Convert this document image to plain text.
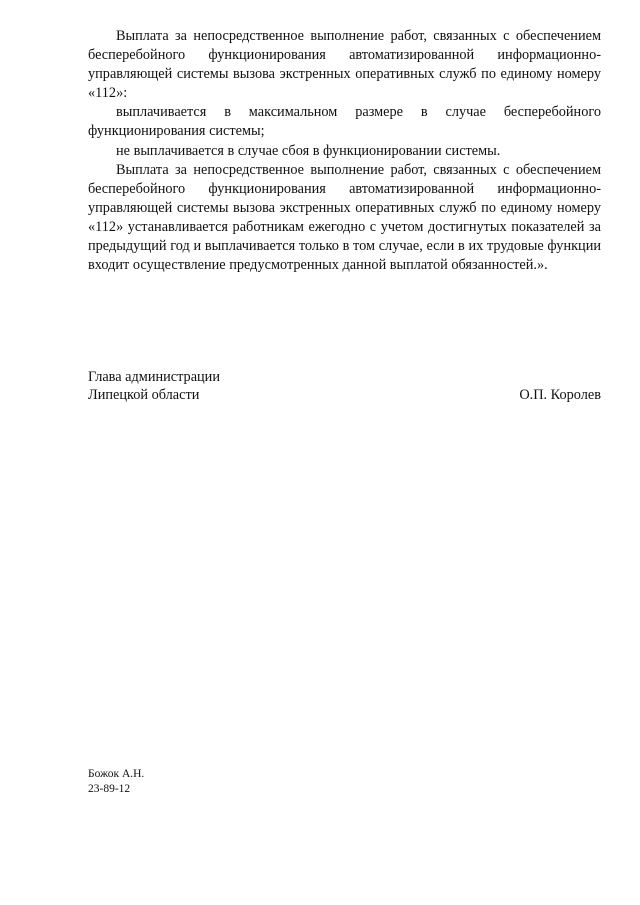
Выплата за непосредственное выполнение работ, связанных с обеспечением бесперебойного функционирования автоматизированной информационно-управляющей системы вызова экстренных оперативных служб по единому номеру «112»:

выплачивается в максимальном размере в случае бесперебойного функционирования системы;

не выплачивается в случае сбоя в функционировании системы.

Выплата за непосредственное выполнение работ, связанных с обеспечением бесперебойного функционирования автоматизированной информационно-управляющей системы вызова экстренных оперативных служб по единому номеру «112» устанавливается работникам ежегодно с учетом достигнутых показателей за предыдущий год и выплачивается только в том случае, если в их трудовые функции входит осуществление предусмотренных данной выплатой обязанностей.».

Глава администрации
Липецкой области	О.П. Королев
Божок А.Н.
23-89-12
